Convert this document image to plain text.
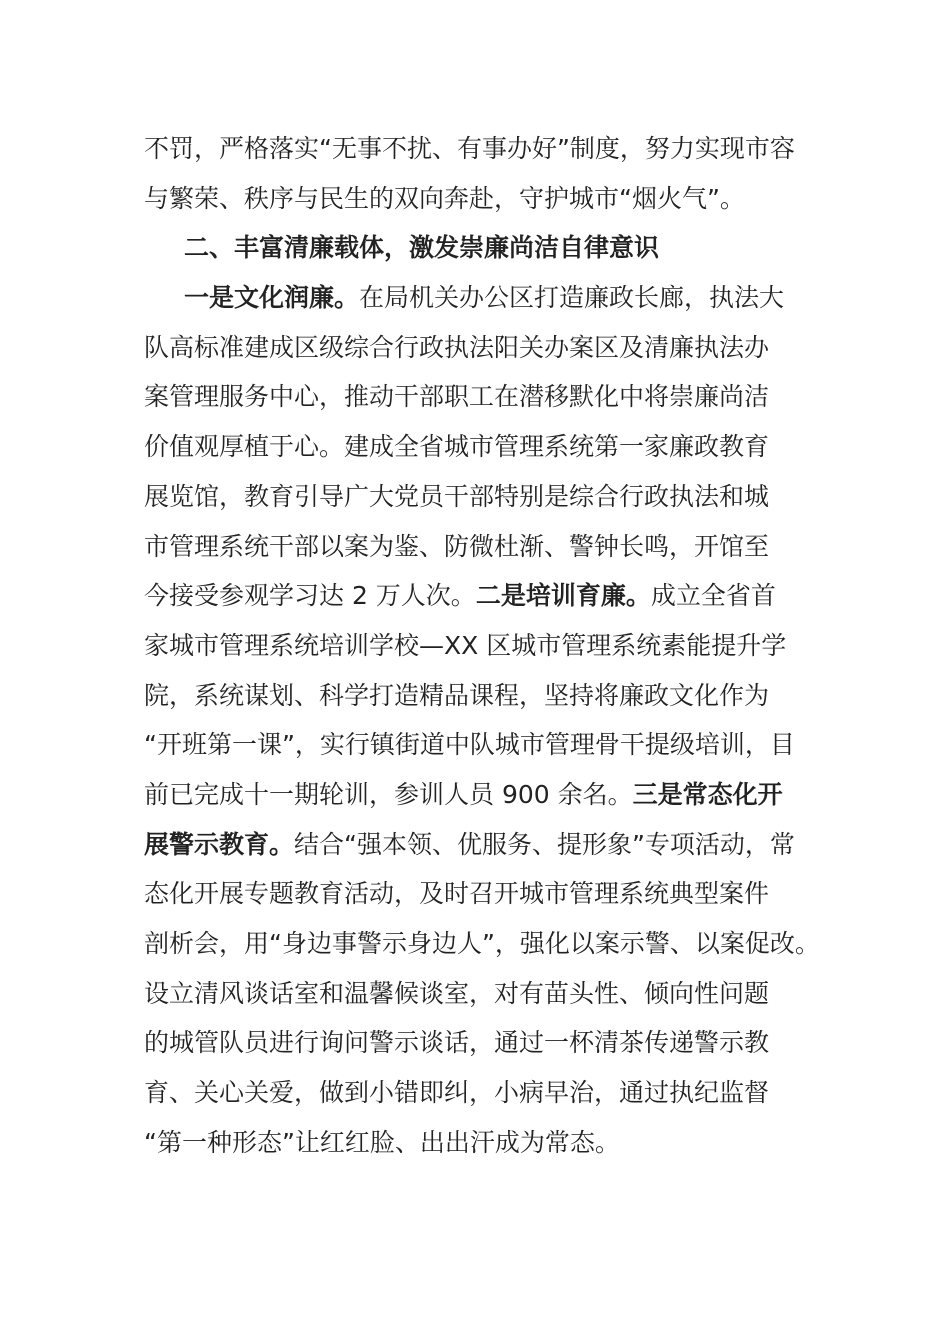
不罚，严格落实“无事不扰、有事办好”制度，努力实现市容
与繁荣、秩序与民生的双向奔赴，守护城市“烟火气”。
二、丰富清廉载体，激发崇廉尚洁自律意识
一是文化润廉。在局机关办公区打造廉政长廊，执法大
队高标准建成区级综合行政执法阳关办案区及清廉执法办
案管理服务中心，推动干部职工在潜移默化中将崇廉尚洁
价值观厚植于心。建成全省城市管理系统第一家廉政教育
展览馆，教育引导广大党员干部特别是综合行政执法和城
市管理系统干部以案为鉴、防微杜渐、警钟长鸣，开馆至
今接受参观学习达 2 万人次。二是培训育廉。成立全省首
家城市管理系统培训学校—XX 区城市管理系统素能提升学
院，系统谋划、科学打造精品课程，坚持将廉政文化作为
“开班第一课”，实行镇街道中队城市管理骨干提级培训，目
前已完成十一期轮训，参训人员 900 余名。三是常态化开
展警示教育。结合“强本领、优服务、提形象”专项活动，常
态化开展专题教育活动，及时召开城市管理系统典型案件
剖析会，用“身边事警示身边人”，强化以案示警、以案促改。
设立清风谈话室和温馨候谈室，对有苗头性、倾向性问题
的城管队员进行询问警示谈话，通过一杯清茶传递警示教
育、关心关爱，做到小错即纠，小病早治，通过执纪监督
“第一种形态”让红红脸、出出汗成为常态。
